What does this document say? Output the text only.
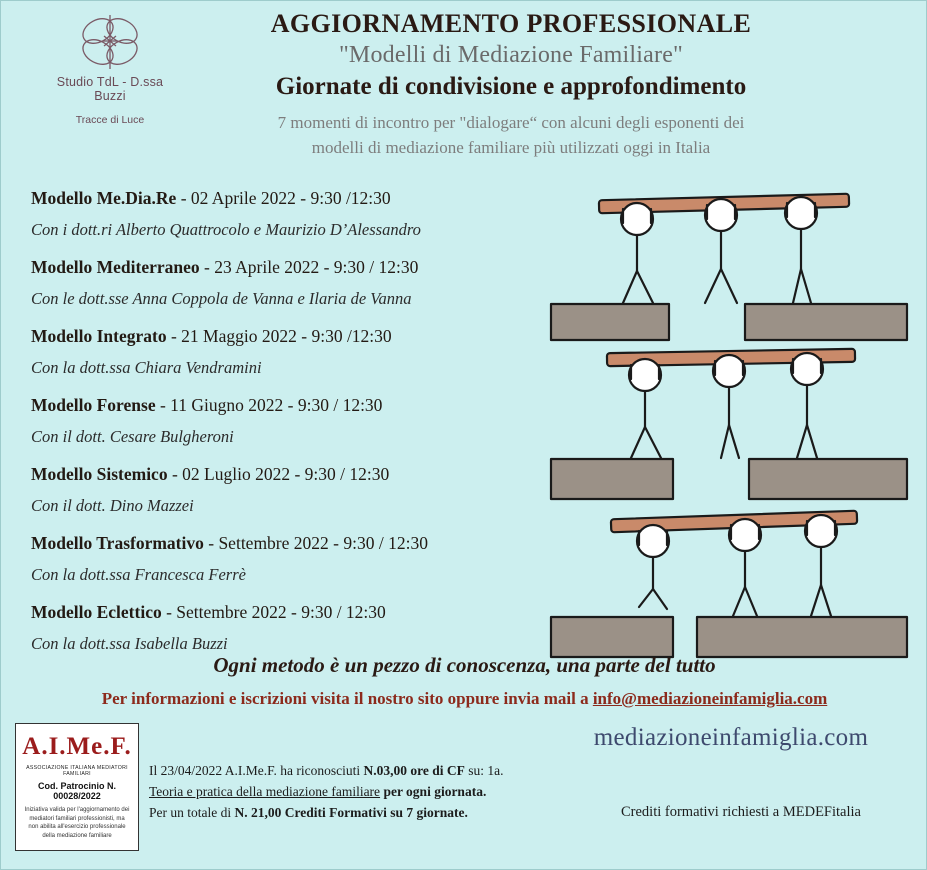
Studio TdL - D.ssa Buzzi
Tracce di Luce
AGGIORNAMENTO PROFESSIONALE
"Modelli di Mediazione Familiare"
Giornate di condivisione e approfondimento
7 momenti di incontro per "dialogare“ con alcuni degli esponenti dei
modelli di mediazione familiare più utilizzati oggi in Italia
Modello Me.Dia.Re - 02 Aprile 2022 - 9:30 /12:30
Con i dott.ri Alberto Quattrocolo e Maurizio D’Alessandro
Modello Mediterraneo - 23 Aprile 2022 - 9:30 / 12:30
Con le dott.sse Anna Coppola de Vanna e Ilaria de Vanna
Modello Integrato - 21 Maggio 2022 - 9:30 /12:30
Con la dott.ssa Chiara Vendramini
Modello Forense - 11 Giugno 2022 - 9:30 / 12:30
Con il dott. Cesare Bulgheroni
Modello Sistemico - 02 Luglio 2022 - 9:30 / 12:30
Con il dott. Dino Mazzei
Modello Trasformativo - Settembre 2022 - 9:30 / 12:30
Con la dott.ssa Francesca Ferrè
Modello Eclettico - Settembre 2022 - 9:30 / 12:30
Con la dott.ssa Isabella Buzzi
Ogni metodo è un pezzo di conoscenza, una parte del tutto
Per informazioni e iscrizioni visita il nostro sito oppure invia mail a info@mediazioneinfamiglia.com
mediazioneinfamiglia.com
A.I.Me.F.
ASSOCIAZIONE ITALIANA MEDIATORI FAMILIARI
Cod. Patrocinio N. 00028/2022
Iniziativa valida per l'aggiornamento dei mediatori familiari professionisti, ma non abilita all'esercizio professionale della mediazione familiare
Il 23/04/2022 A.I.Me.F. ha riconosciuti N.03,00 ore di CF su: 1a.
Teoria e pratica della mediazione familiare per ogni giornata.
Per un totale di N. 21,00 Crediti Formativi su 7 giornate.	Crediti formativi richiesti a MEDEFitalia
